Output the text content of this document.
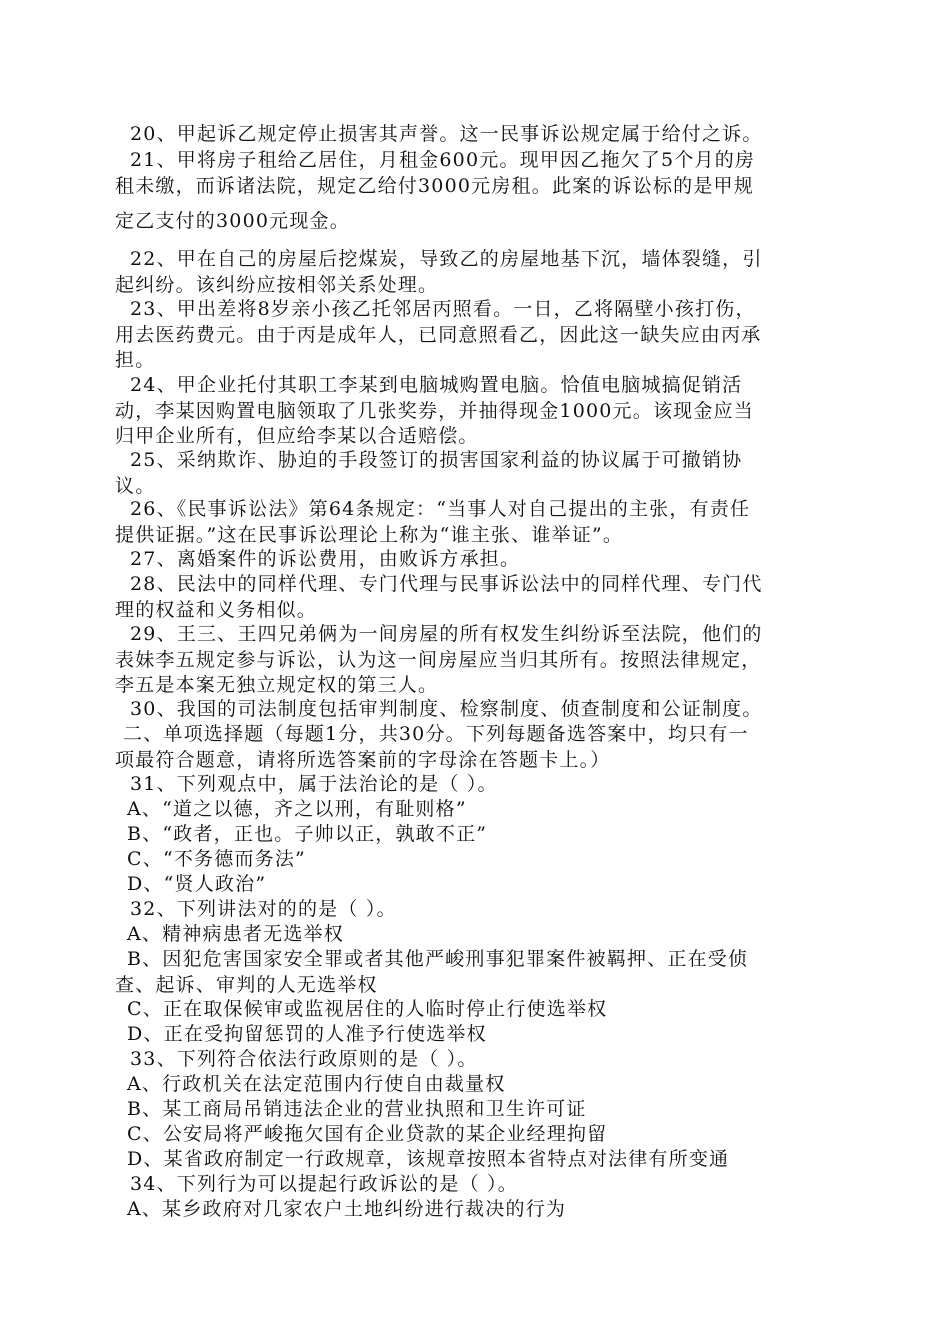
20、甲起诉乙规定停止损害其声誉。这一民事诉讼规定属于给付之诉。
21、甲将房子租给乙居住，月租金600元。现甲因乙拖欠了5个月的房
租未缴，而诉诸法院，规定乙给付3000元房租。此案的诉讼标的是甲规
定乙支付的3000元现金。
22、甲在自己的房屋后挖煤炭，导致乙的房屋地基下沉，墙体裂缝，引
起纠纷。该纠纷应按相邻关系处理。
23、甲出差将8岁亲小孩乙托邻居丙照看。一日，乙将隔壁小孩打伤，
用去医药费元。由于丙是成年人，已同意照看乙，因此这一缺失应由丙承
担。
24、甲企业托付其职工李某到电脑城购置电脑。恰值电脑城搞促销活
动，李某因购置电脑领取了几张奖券，并抽得现金1000元。该现金应当
归甲企业所有，但应给李某以合适赔偿。
25、采纳欺诈、胁迫的手段签订的损害国家利益的协议属于可撤销协
议。
26、《民事诉讼法》第64条规定：“当事人对自己提出的主张，有责任
提供证据。”这在民事诉讼理论上称为“谁主张、谁举证”。
27、离婚案件的诉讼费用，由败诉方承担。
28、民法中的同样代理、专门代理与民事诉讼法中的同样代理、专门代
理的权益和义务相似。
29、王三、王四兄弟俩为一间房屋的所有权发生纠纷诉至法院，他们的
表妹李五规定参与诉讼，认为这一间房屋应当归其所有。按照法律规定，
李五是本案无独立规定权的第三人。
30、我国的司法制度包括审判制度、检察制度、侦查制度和公证制度。
二、单项选择题（每题1分，共30分。下列每题备选答案中，均只有一
项最符合题意，请将所选答案前的字母涂在答题卡上。）
31、下列观点中，属于法治论的是（ ）。
A、“道之以德，齐之以刑，有耻则格”
B、“政者，正也。子帅以正，孰敢不正”
C、“不务德而务法”
D、“贤人政治”
32、下列讲法对的的是（ ）。
A、精神病患者无选举权
B、因犯危害国家安全罪或者其他严峻刑事犯罪案件被羁押、正在受侦
查、起诉、审判的人无选举权
C、正在取保候审或监视居住的人临时停止行使选举权
D、正在受拘留惩罚的人准予行使选举权
33、下列符合依法行政原则的是（ ）。
A、行政机关在法定范围内行使自由裁量权
B、某工商局吊销违法企业的营业执照和卫生许可证
C、公安局将严峻拖欠国有企业贷款的某企业经理拘留
D、某省政府制定一行政规章，该规章按照本省特点对法律有所变通
34、下列行为可以提起行政诉讼的是（ ）。
A、某乡政府对几家农户土地纠纷进行裁决的行为
